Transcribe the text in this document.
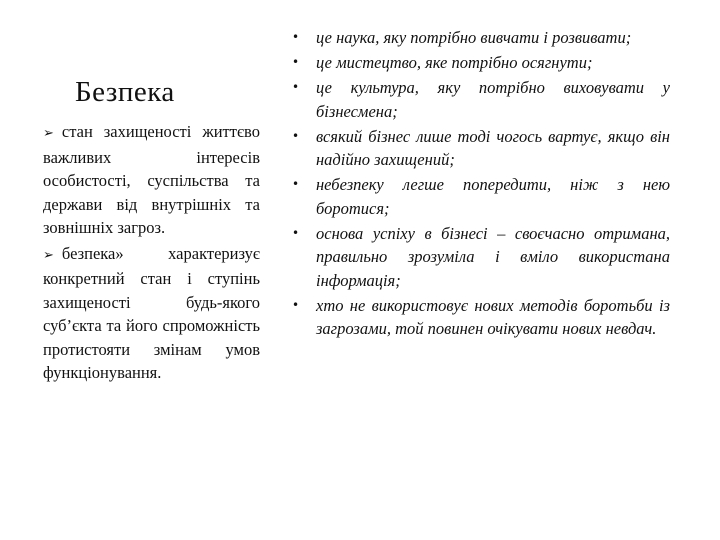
Безпека

➢ стан захищеності життєво важливих інтересів особистості, суспільства та держави від внутрішніх та зовнішніх загроз.

➢ безпека» характеризує конкретний стан і ступінь захищеності будь-якого суб’єкта та його спроможність протистояти змінам умов функціонування.

• це наука, яку потрібно вивчати і розвивати;
• це мистецтво, яке потрібно осягнути;
• це культура, яку потрібно виховувати у бізнесмена;
• всякий бізнес лише тоді чогось вартує, якщо він надійно захищений;
• небезпеку легше попередити, ніж з нею боротися;
• основа успіху в бізнесі – своєчасно отримана, правильно зрозуміла і вміло використана інформація;
• хто не використовує нових методів боротьби із загрозами, той повинен очікувати нових невдач.
